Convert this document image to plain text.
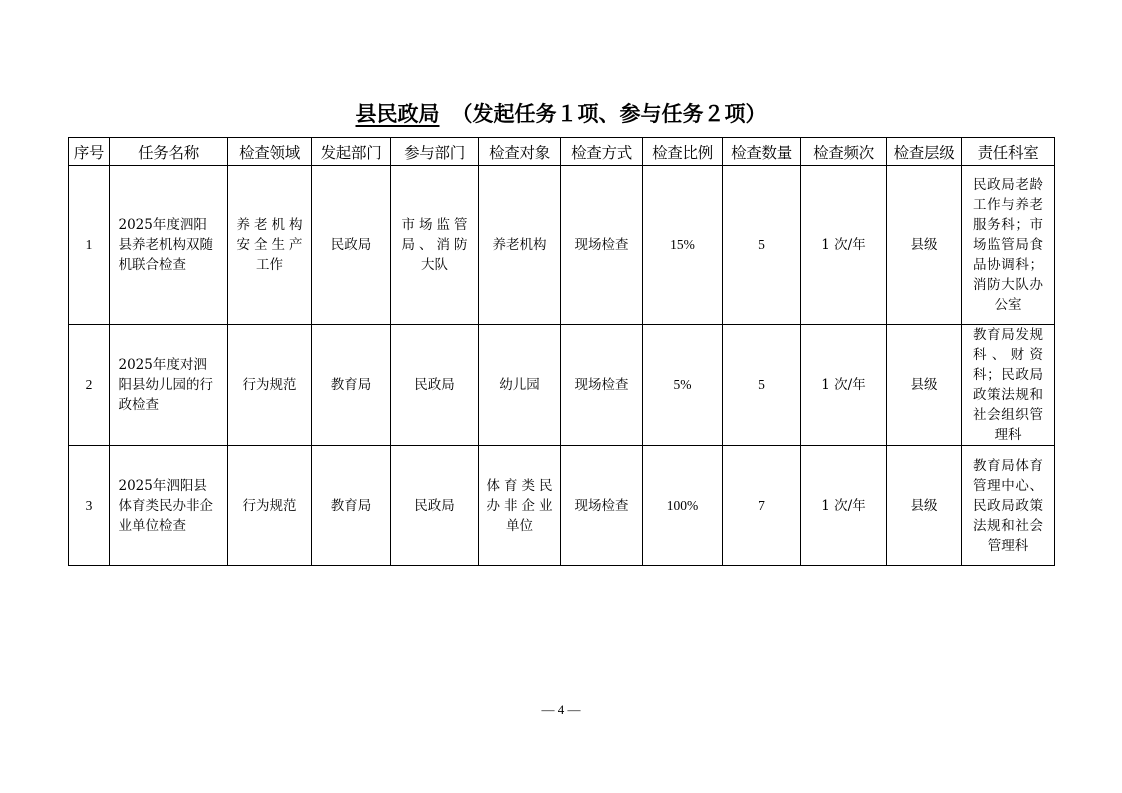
县民政局 （发起任务１项、参与任务２项）
序号	任务名称	检查领域	发起部门	参与部门	检查对象	检查方式	检查比例	检查数量	检查频次	检查层级	责任科室
1	2025年度泗阳县养老机构双随机联合检查	养老机构安全生产工作	民政局	市场监管局、消防大队	养老机构	现场检查	15%	5	1 次/年	县级	民政局老龄工作与养老服务科；市场监管局食品协调科；消防大队办公室

2	2025年度对泗阳县幼儿园的行政检查	行为规范	教育局	民政局	幼儿园	现场检查	5%	5	1 次/年	县级	教育局发规科、财资科；民政局政策法规和社会组织管理科

3	2025年泗阳县体育类民办非企业单位检查	行为规范	教育局	民政局	体育类民办非企业单位	现场检查	100%	7	1 次/年	县级	教育局体育管理中心、民政局政策法规和社会管理科
— 4 —
